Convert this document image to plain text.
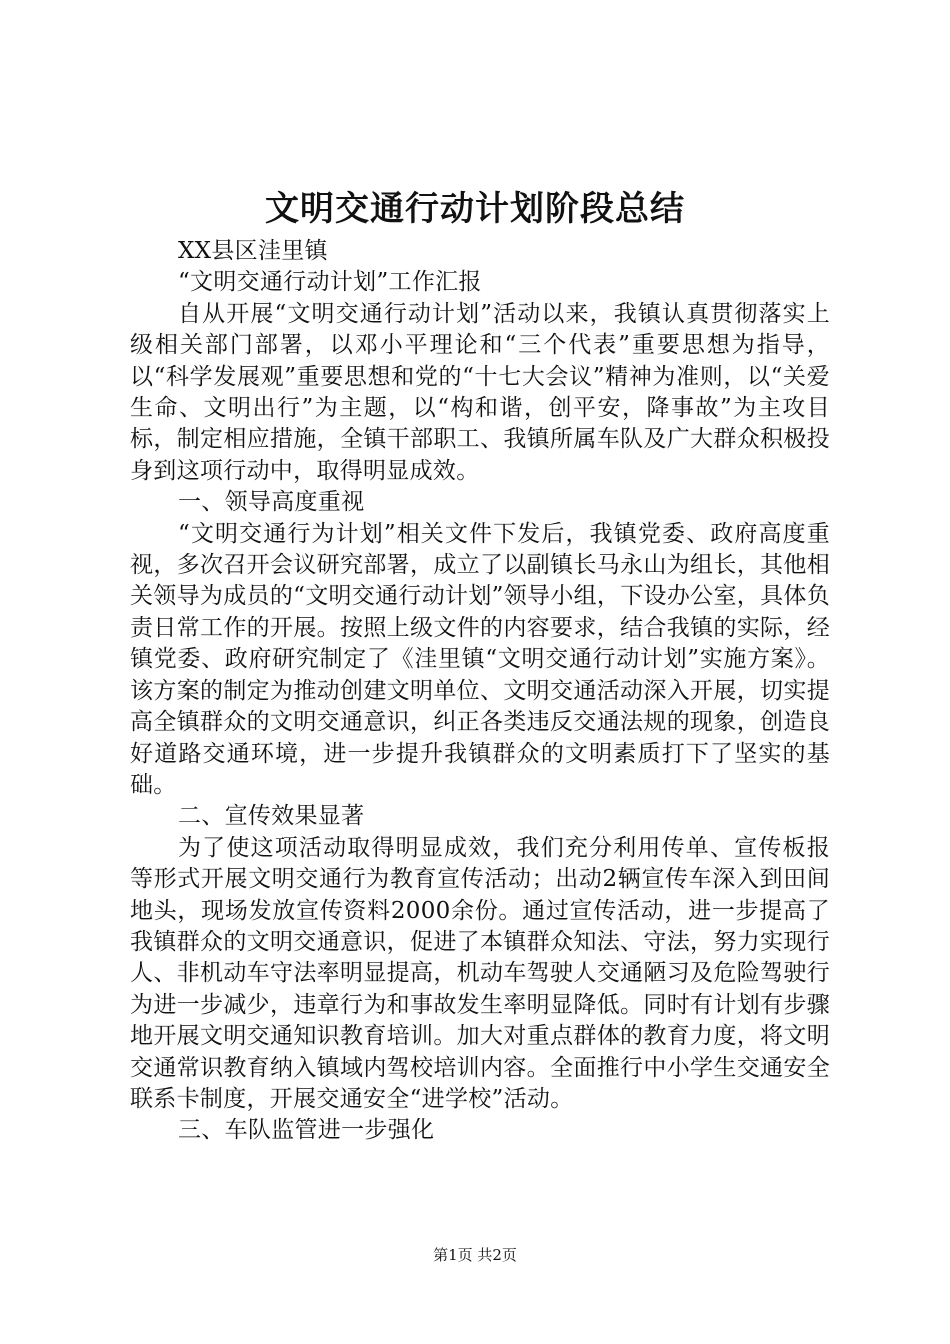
文明交通行动计划阶段总结

XX县区洼里镇

“文明交通行动计划”工作汇报

自从开展“文明交通行动计划”活动以来，我镇认真贯彻落实上级相关部门部署，以邓小平理论和“三个代表”重要思想为指导，以“科学发展观”重要思想和党的“十七大会议”精神为准则，以“关爱生命、文明出行”为主题，以“构和谐，创平安，降事故”为主攻目标，制定相应措施，全镇干部职工、我镇所属车队及广大群众积极投身到这项行动中，取得明显成效。

一、领导高度重视

“文明交通行为计划”相关文件下发后，我镇党委、政府高度重视，多次召开会议研究部署，成立了以副镇长马永山为组长，其他相关领导为成员的“文明交通行动计划”领导小组，下设办公室，具体负责日常工作的开展。按照上级文件的内容要求，结合我镇的实际，经镇党委、政府研究制定了《洼里镇“文明交通行动计划”实施方案》。该方案的制定为推动创建文明单位、文明交通活动深入开展，切实提高全镇群众的文明交通意识，纠正各类违反交通法规的现象，创造良好道路交通环境，进一步提升我镇群众的文明素质打下了坚实的基础。

二、宣传效果显著

为了使这项活动取得明显成效，我们充分利用传单、宣传板报等形式开展文明交通行为教育宣传活动；出动2辆宣传车深入到田间地头，现场发放宣传资料2000余份。通过宣传活动，进一步提高了我镇群众的文明交通意识，促进了本镇群众知法、守法，努力实现行人、非机动车守法率明显提高，机动车驾驶人交通陋习及危险驾驶行为进一步减少，违章行为和事故发生率明显降低。同时有计划有步骤地开展文明交通知识教育培训。加大对重点群体的教育力度，将文明交通常识教育纳入镇域内驾校培训内容。全面推行中小学生交通安全联系卡制度，开展交通安全“进学校”活动。

三、车队监管进一步强化

第1页 共2页
